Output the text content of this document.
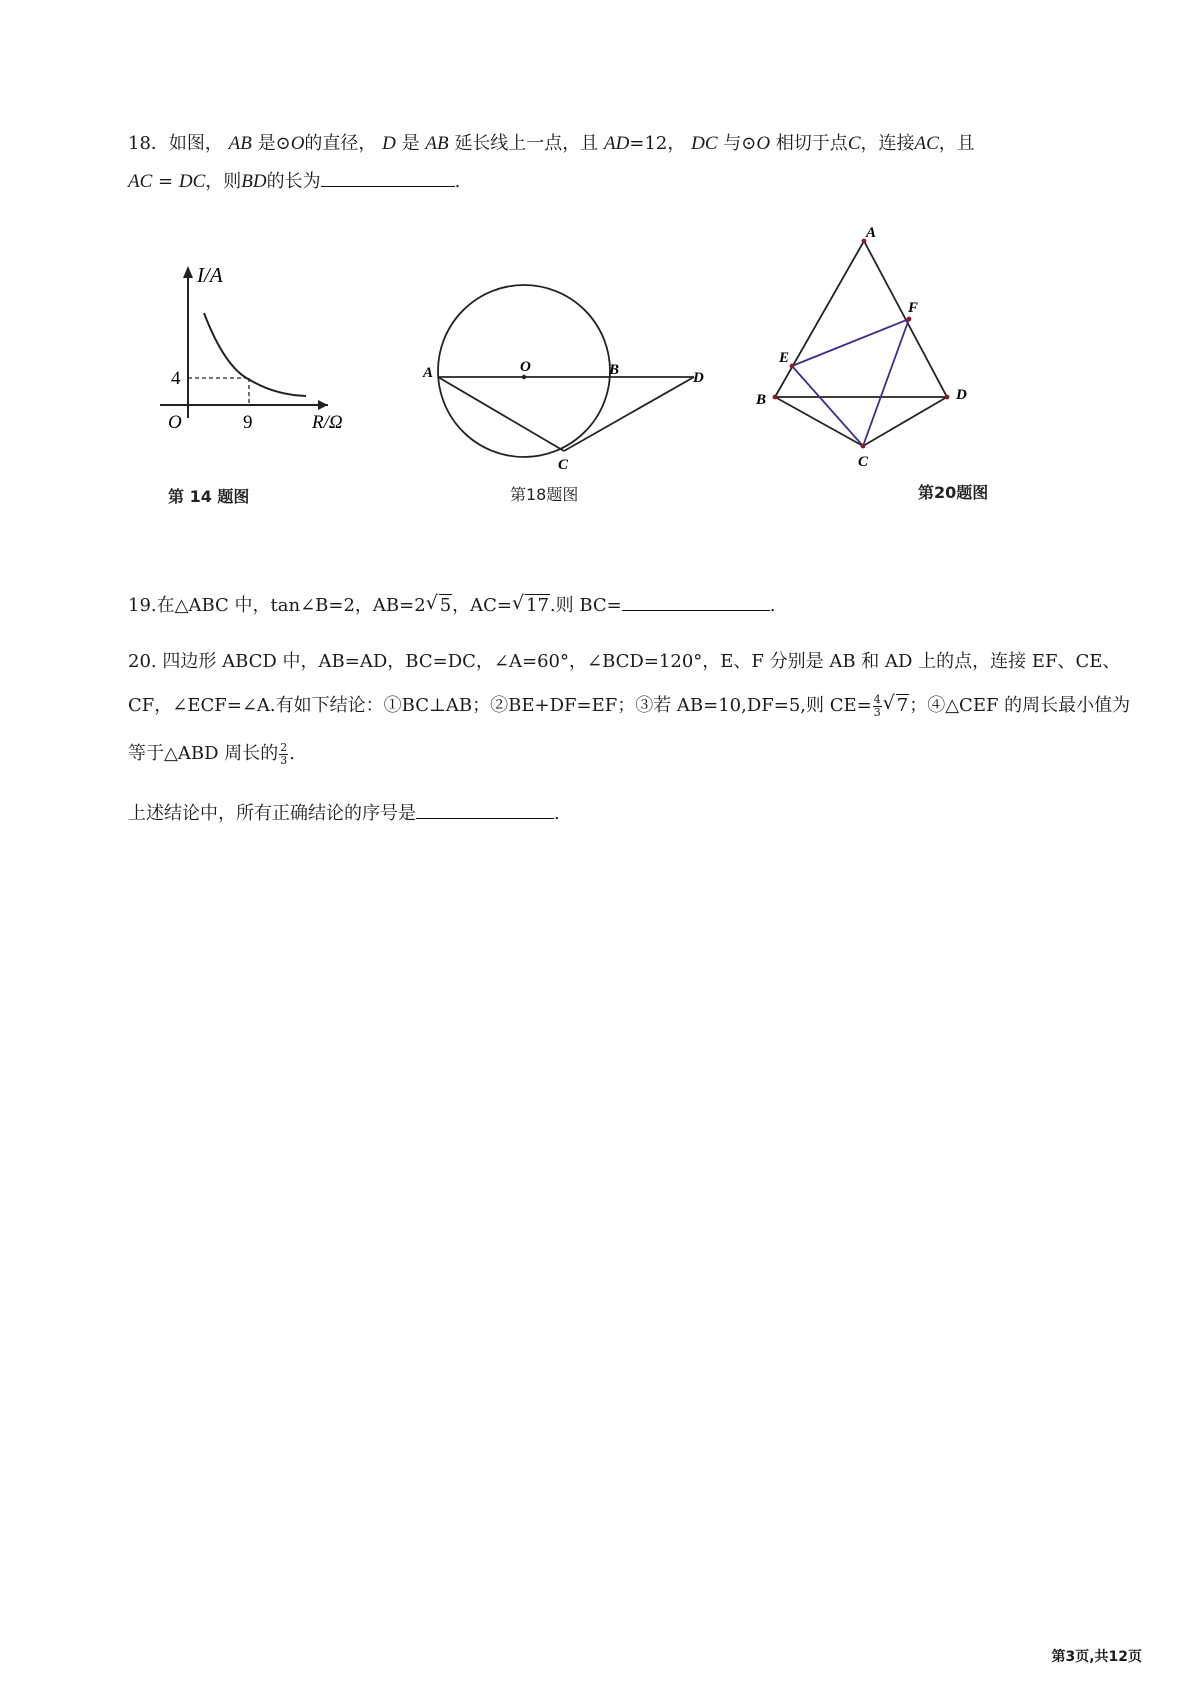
18．如图， AB 是⊙O的直径， D 是 AB 延长线上一点，且 AD=12， DC 与⊙O 相切于点C，连接AC，且
AC = DC，则BD的长为	.
I/A
R/Ω
O
4
9
第 14 题图
A	O	B	D
C
第18题图
A
F
E
B	D
C
第20题图
19.在△ABC 中，tan∠B=2，AB=2 √ 5，AC= √ 17.则 BC=	.
20. 四边形 ABCD 中，AB=AD，BC=DC，∠A=60°，∠BCD=120°，E、F 分别是 AB 和 AD 上的点，连接 EF、CE、
CF，∠ECF=∠A.有如下结论：①BC⊥AB；②BE+DF=EF；③若 AB=10,DF=5,则 $CE= \frac{4}{3}$ √ 7；④△CEF 的周长最小值为
等于△ABD 周长的 $\frac{2}{3}$ .
上述结论中，所有正确结论的序号是	.
第3页,共12页
